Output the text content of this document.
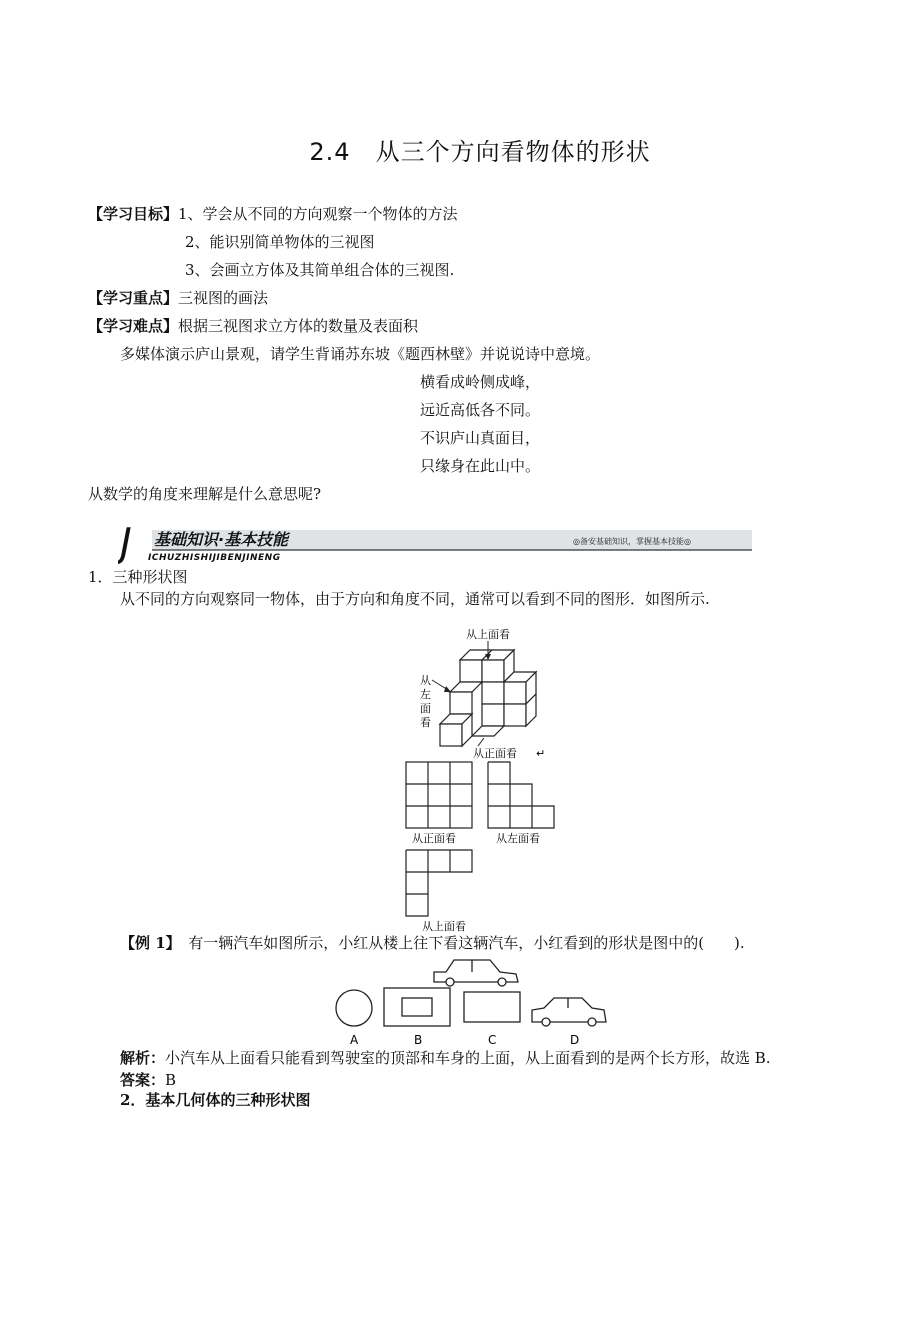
2.4　从三个方向看物体的形状
【学习目标】1、学会从不同的方向观察一个物体的方法
2、能识别简单物体的三视图
3、会画立方体及其简单组合体的三视图.
【学习重点】三视图的画法
【学习难点】根据三视图求立方体的数量及表面积
多媒体演示庐山景观，请学生背诵苏东坡《题西林壁》并说说诗中意境。
横看成岭侧成峰，
远近高低各不同。
不识庐山真面目，
只缘身在此山中。
从数学的角度来理解是什么意思呢?
J 基础知识·基本技能
ICHUZHISHIJIBENJINENG
◎备安基础知识，掌握基本技能◎
1．三种形状图
从不同的方向观察同一物体，由于方向和角度不同，通常可以看到不同的图形．如图所示.
从上面看
从
左
面
看
从正面看 ↵
从正面看	从左面看
从上面看
【例 1】　 有一辆汽车如图所示，小红从楼上往下看这辆汽车，小红看到的形状是图中的(　　).
A	B	C	D
解析：小汽车从上面看只能看到驾驶室的顶部和车身的上面，从上面看到的是两个长方形，故选 B.
答案：B
2．基本几何体的三种形状图
